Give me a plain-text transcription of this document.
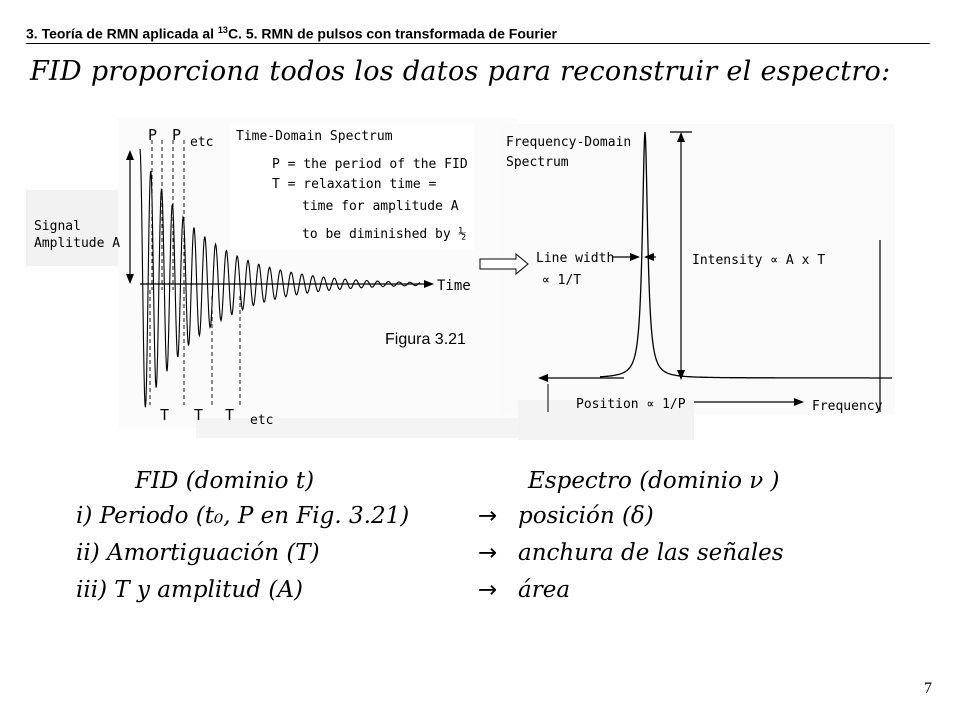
3. Teoría de RMN aplicada al $^{13}$C. 5. RMN de pulsos con transformada de Fourier
FID proporciona todos los datos para reconstruir el espectro:
Signal
Amplitude A
Time
P P etc
T T T etc
Time-Domain Spectrum
P = the period of the FID
T = relaxation time =
time for amplitude A
to be diminished by ½
Frequency-Domain
Spectrum
Line width
∝ 1/T
Intensity ∝ A x T
Position ∝ 1/P	Frequency
Figura 3.21
FID (dominio t)	Espectro (dominio ν )
i) Periodo (t₀, P en Fig. 3.21)	→ posición (δ)
ii) Amortiguación (T)	→ anchura de las señales
iii) T y amplitud (A)	→ área
7
